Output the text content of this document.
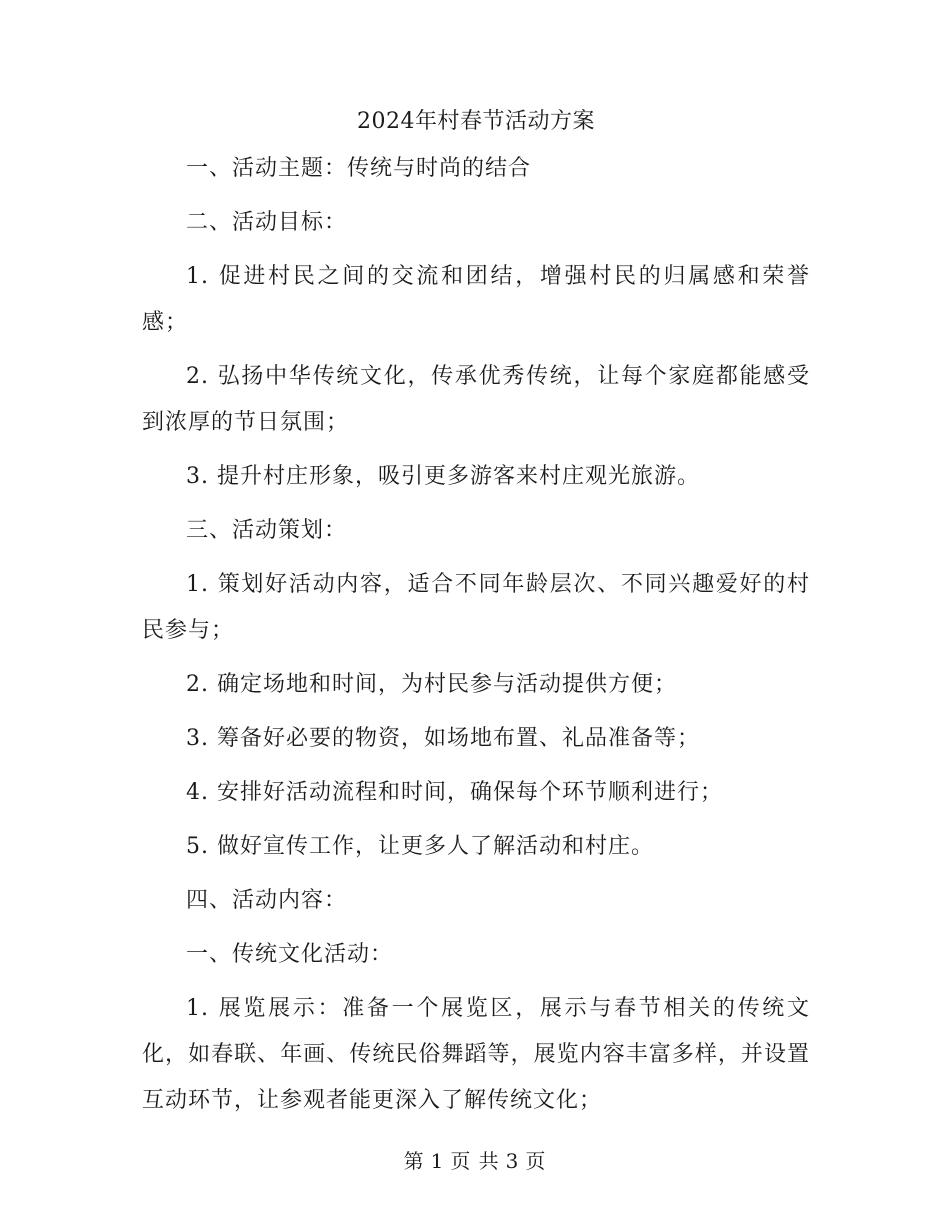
2024年村春节活动方案

一、活动主题：传统与时尚的结合

二、活动目标：

1. 促进村民之间的交流和团结，增强村民的归属感和荣誉感；

2. 弘扬中华传统文化，传承优秀传统，让每个家庭都能感受到浓厚的节日氛围；

3. 提升村庄形象，吸引更多游客来村庄观光旅游。

三、活动策划：

1. 策划好活动内容，适合不同年龄层次、不同兴趣爱好的村民参与；

2. 确定场地和时间，为村民参与活动提供方便；

3. 筹备好必要的物资，如场地布置、礼品准备等；

4. 安排好活动流程和时间，确保每个环节顺利进行；

5. 做好宣传工作，让更多人了解活动和村庄。

四、活动内容：

一、传统文化活动：

1. 展览展示：准备一个展览区，展示与春节相关的传统文化，如春联、年画、传统民俗舞蹈等，展览内容丰富多样，并设置互动环节，让参观者能更深入了解传统文化；

第 1 页 共 3 页
